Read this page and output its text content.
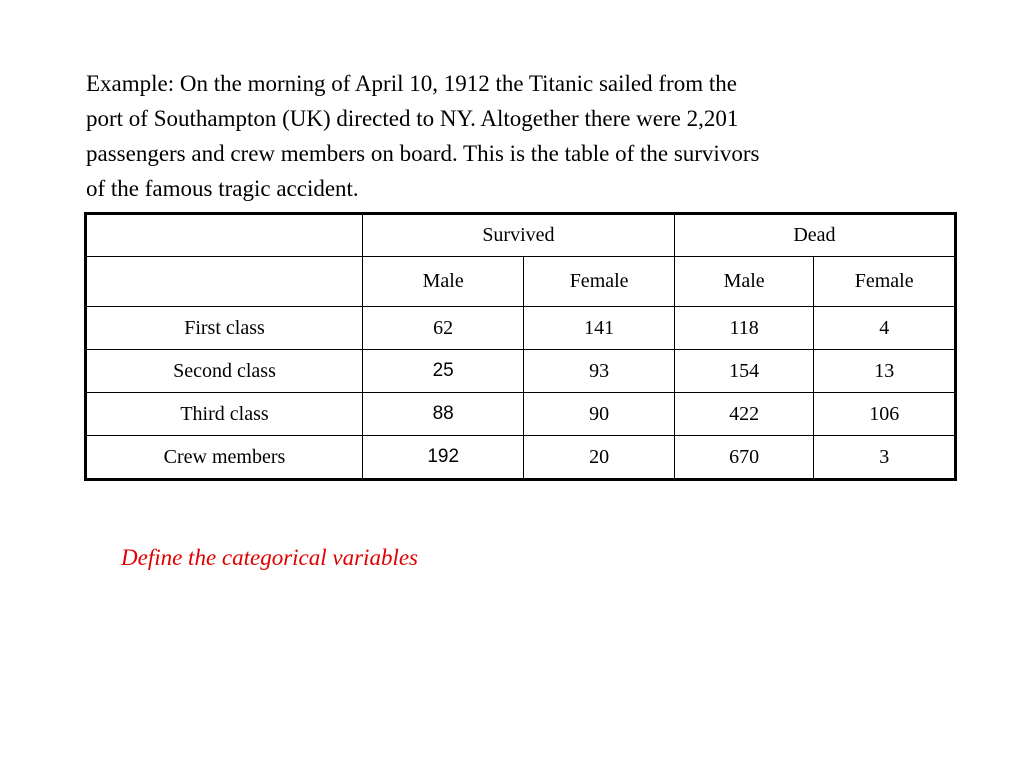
Example: On the morning of April 10, 1912 the Titanic sailed from the
port of Southampton (UK) directed to NY. Altogether there were 2,201
passengers and crew members on board. This is the table of the survivors
of the famous tragic accident.

	Survived		Dead	
	Male	Female	Male	Female
First class	62	141	118	4
Second class	25	93	154	13
Third class	88	90	422	106
Crew members	192	20	670	3

Define the categorical variables
